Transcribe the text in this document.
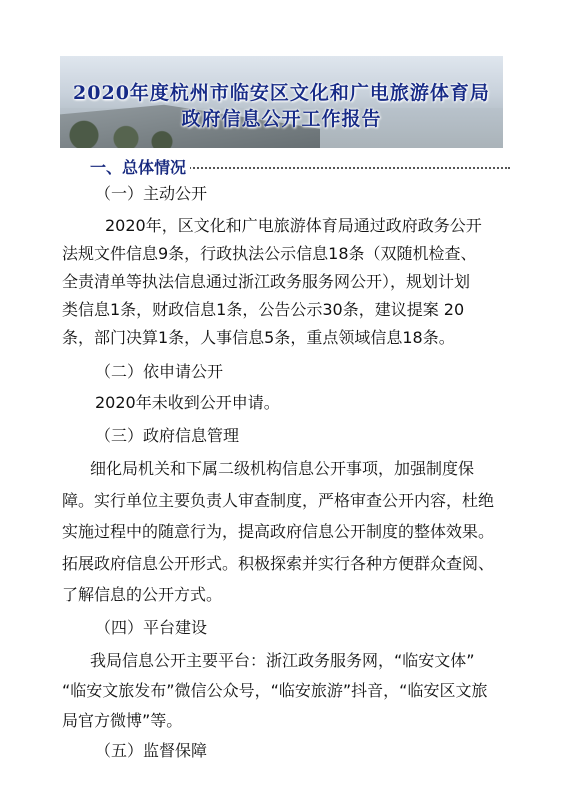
2020年度杭州市临安区文化和广电旅游体育局
政府信息公开工作报告
一、总体情况
（一）主动公开
2020年，区文化和广电旅游体育局通过政府政务公开
法规文件信息9条，行政执法公示信息18条（双随机检查、
全责清单等执法信息通过浙江政务服务网公开），规划计划
类信息1条，财政信息1条，公告公示30条，建议提案 20
条，部门决算1条，人事信息5条，重点领域信息18条。
（二）依申请公开
2020年未收到公开申请。
（三）政府信息管理
细化局机关和下属二级机构信息公开事项，加强制度保
障。实行单位主要负责人审查制度，严格审查公开内容，杜绝
实施过程中的随意行为，提高政府信息公开制度的整体效果。
拓展政府信息公开形式。积极探索并实行各种方便群众查阅、
了解信息的公开方式。
（四）平台建设
我局信息公开主要平台：浙江政务服务网，“临安文体”
“临安文旅发布”微信公众号，“临安旅游”抖音，“临安区文旅
局官方微博”等。
（五）监督保障
